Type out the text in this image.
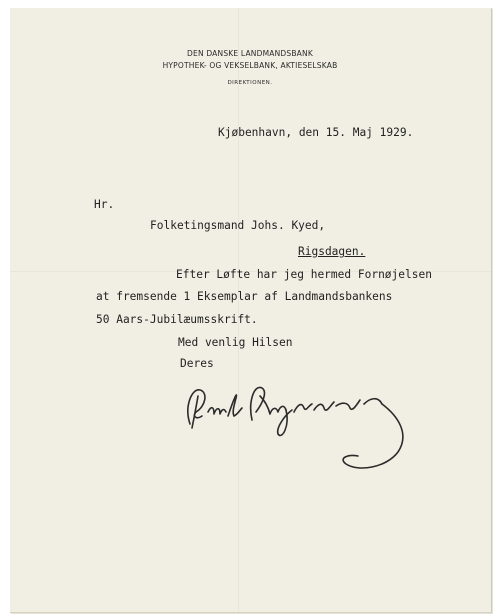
DEN DANSKE LANDMANDSBANK
HYPOTHEK- OG VEKSELBANK, AKTIESELSKAB
DIREKTIONEN.
Kjøbenhavn, den 15. Maj 1929.
Hr.
Folketingsmand Johs. Kyed,
Rigsdagen.
Efter Løfte har jeg hermed Fornøjelsen
at fremsende 1 Eksemplar af Landmandsbankens
50 Aars-Jubilæumsskrift.
Med venlig Hilsen
Deres
